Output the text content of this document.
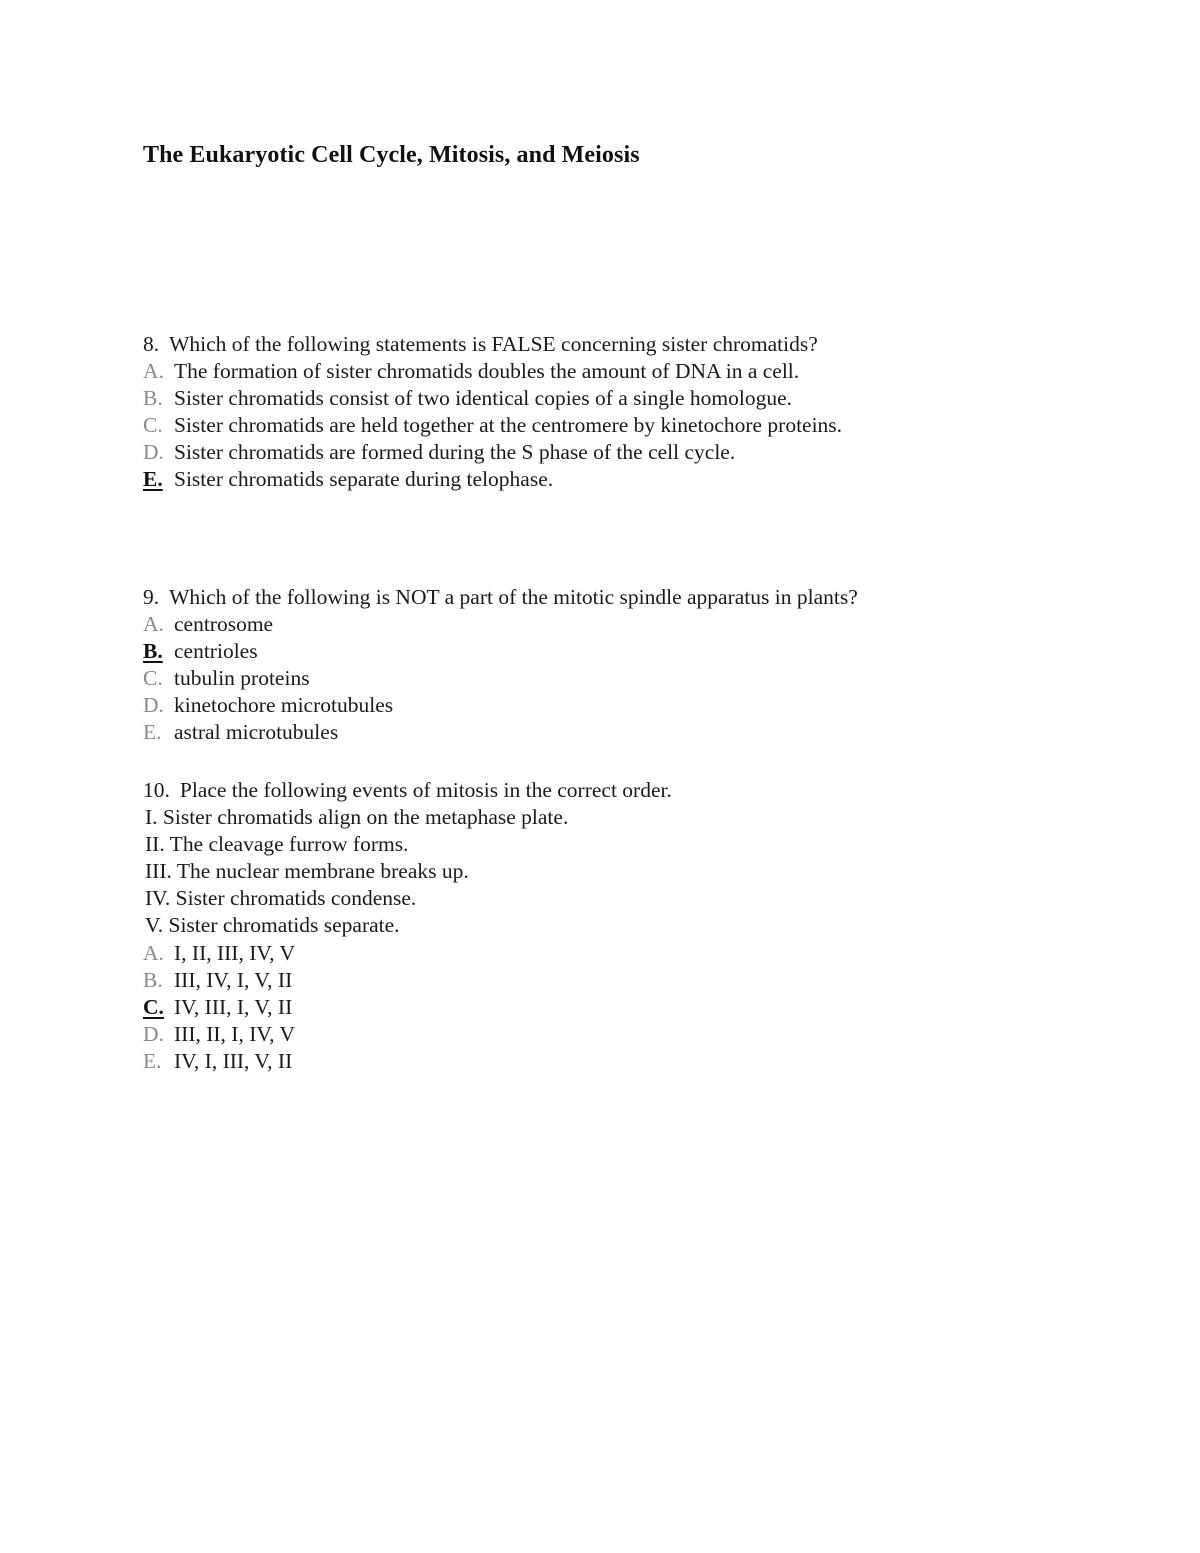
The Eukaryotic Cell Cycle, Mitosis, and Meiosis
8. Which of the following statements is FALSE concerning sister chromatids?
A. The formation of sister chromatids doubles the amount of DNA in a cell.
B. Sister chromatids consist of two identical copies of a single homologue.
C. Sister chromatids are held together at the centromere by kinetochore proteins.
D. Sister chromatids are formed during the S phase of the cell cycle.
E. Sister chromatids separate during telophase.
9. Which of the following is NOT a part of the mitotic spindle apparatus in plants?
A. centrosome
B. centrioles
C. tubulin proteins
D. kinetochore microtubules
E. astral microtubules
10. Place the following events of mitosis in the correct order.
I. Sister chromatids align on the metaphase plate.
II. The cleavage furrow forms.
III. The nuclear membrane breaks up.
IV. Sister chromatids condense.
V. Sister chromatids separate.
A. I, II, III, IV, V
B. III, IV, I, V, II
C. IV, III, I, V, II
D. III, II, I, IV, V
E. IV, I, III, V, II
